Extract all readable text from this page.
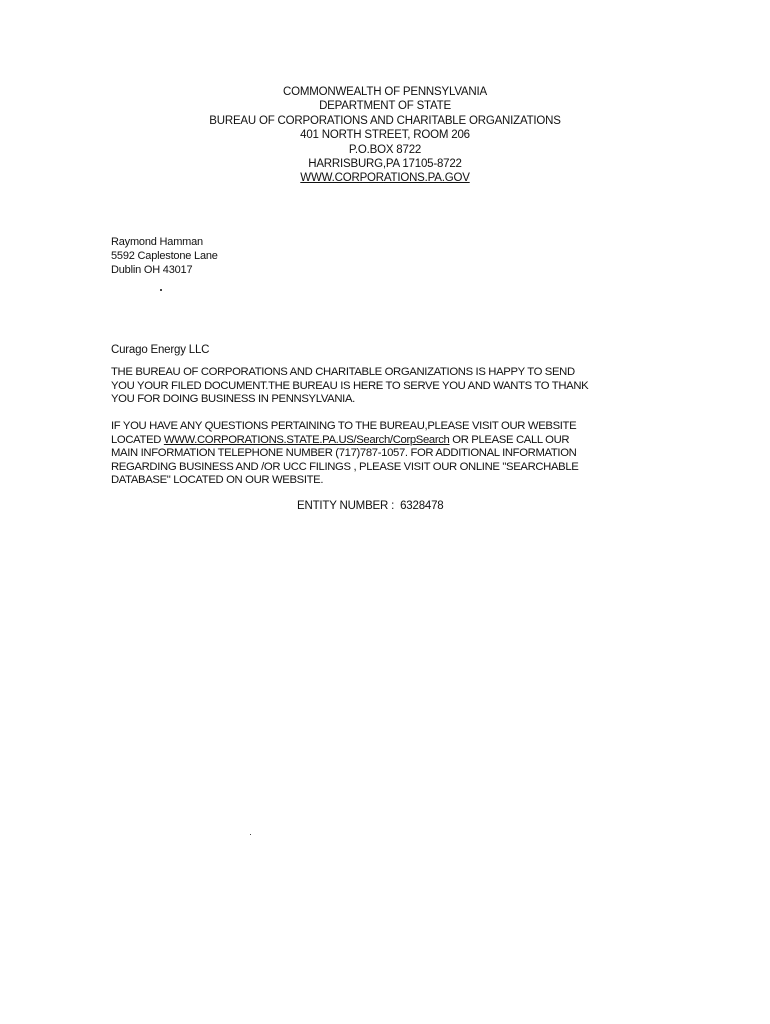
COMMONWEALTH OF PENNSYLVANIA
DEPARTMENT OF STATE
BUREAU OF CORPORATIONS AND CHARITABLE ORGANIZATIONS
401 NORTH STREET, ROOM 206
P.O.BOX 8722
HARRISBURG,PA 17105-8722
WWW.CORPORATIONS.PA.GOV
Raymond Hamman
5592 Caplestone Lane
Dublin OH 43017
Curago Energy LLC
THE BUREAU OF CORPORATIONS AND CHARITABLE ORGANIZATIONS IS HAPPY TO SEND
YOU YOUR FILED DOCUMENT.THE BUREAU IS HERE TO SERVE YOU AND WANTS TO THANK
YOU FOR DOING BUSINESS IN PENNSYLVANIA.
IF YOU HAVE ANY QUESTIONS PERTAINING TO THE BUREAU,PLEASE VISIT OUR WEBSITE
LOCATED WWW.CORPORATIONS.STATE.PA.US/Search/CorpSearch OR PLEASE CALL OUR
MAIN INFORMATION TELEPHONE NUMBER (717)787-1057. FOR ADDITIONAL INFORMATION
REGARDING BUSINESS AND /OR UCC FILINGS , PLEASE VISIT OUR ONLINE "SEARCHABLE
DATABASE" LOCATED ON OUR WEBSITE.
ENTITY NUMBER : 6328478
